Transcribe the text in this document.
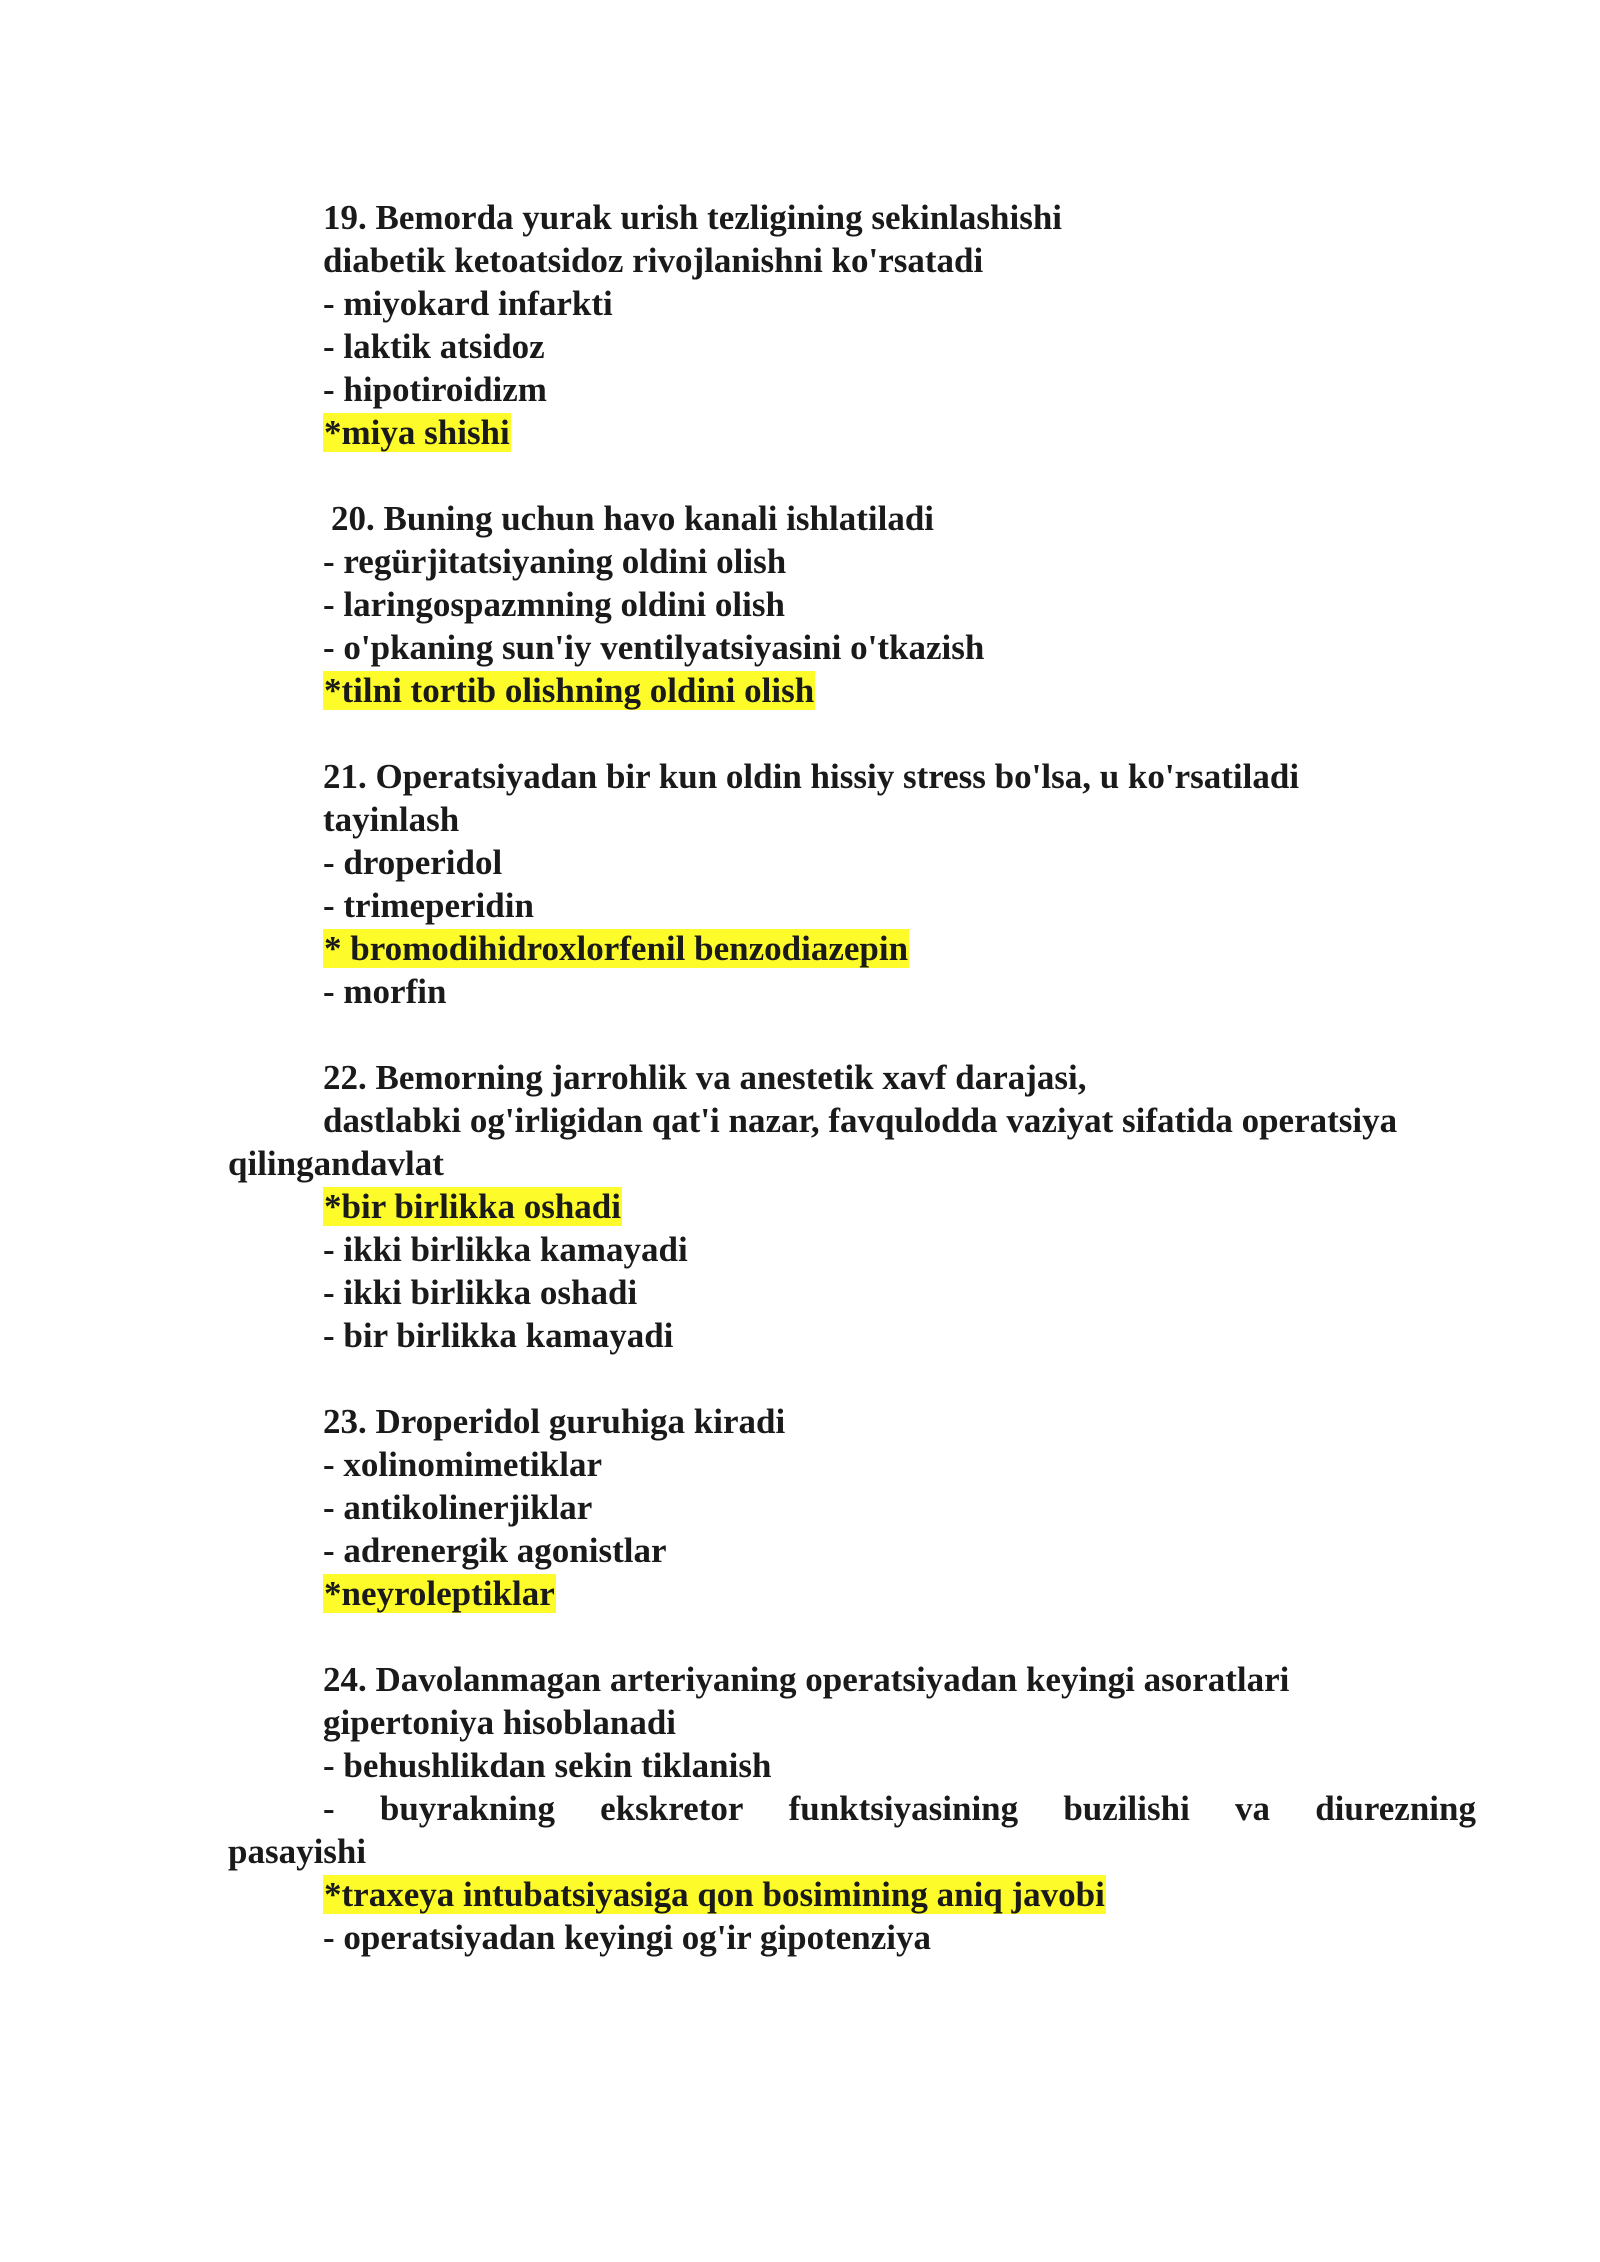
19. Bemorda yurak urish tezligining sekinlashishi
diabetik ketoatsidoz rivojlanishni ko'rsatadi
- miyokard infarkti
- laktik atsidoz
- hipotiroidizm
*miya shishi
20. Buning uchun havo kanali ishlatiladi
- regürjitatsiyaning oldini olish
- laringospazmning oldini olish
- o'pkaning sun'iy ventilyatsiyasini o'tkazish
*tilni tortib olishning oldini olish
21. Operatsiyadan bir kun oldin hissiy stress bo'lsa, u ko'rsatiladi
tayinlash
- droperidol
- trimeperidin
* bromodihidroxlorfenil benzodiazepin
- morfin
22. Bemorning jarrohlik va anestetik xavf darajasi,
dastlabki og'irligidan qat'i nazar, favqulodda vaziyat sifatida operatsiya
qilingandavlat
*bir birlikka oshadi
- ikki birlikka kamayadi
- ikki birlikka oshadi
- bir birlikka kamayadi
23. Droperidol guruhiga kiradi
- xolinomimetiklar
- antikolinerjiklar
- adrenergik agonistlar
*neyroleptiklar
24. Davolanmagan arteriyaning operatsiyadan keyingi asoratlari
gipertoniya hisoblanadi
- behushlikdan sekin tiklanish
- buyrakning ekskretor funktsiyasining buzilishi va diurezning
pasayishi
*traxeya intubatsiyasiga qon bosimining aniq javobi
- operatsiyadan keyingi og'ir gipotenziya
